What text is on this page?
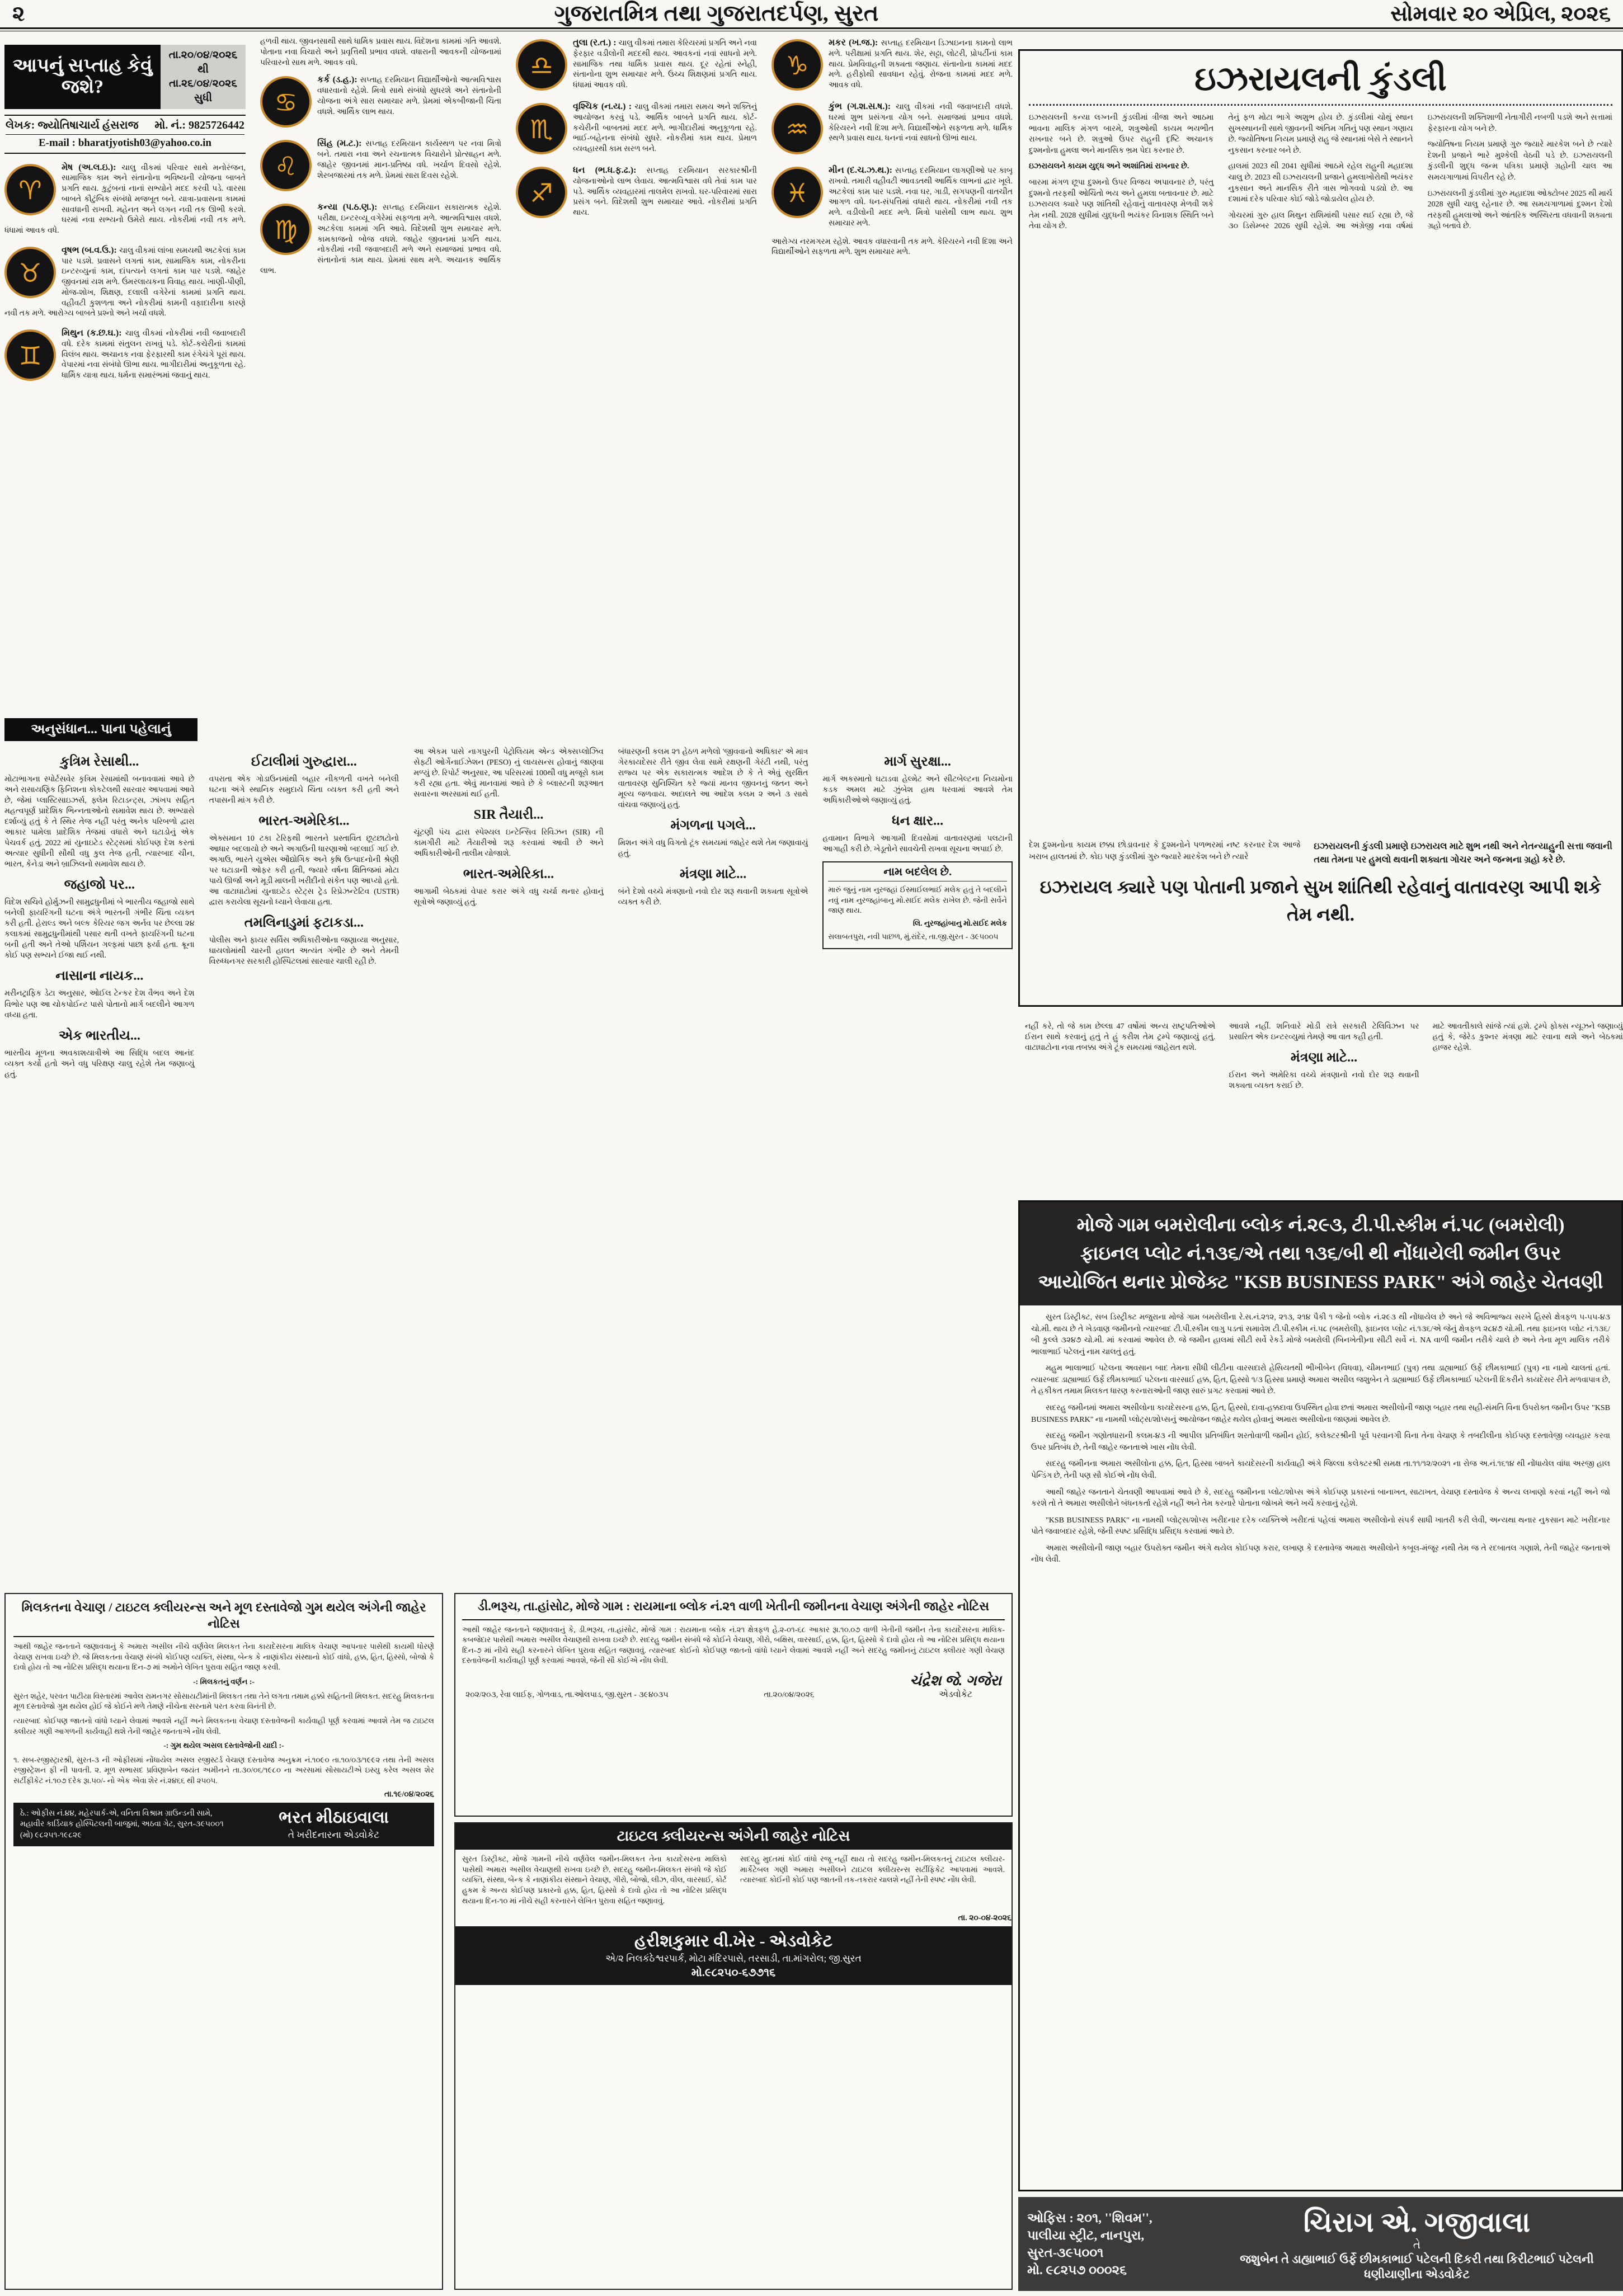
૨	ગુજરાતમિત્ર તથા ગુજરાતદર્પણ, સુરત	સોમવાર ૨૦ એપ્રિલ, ૨૦૨૬
આપનું સપ્તાહ કેવું જશે?
તા.૨૦/૦૪/૨૦૨૬ થી તા.૨૬/૦૪/૨૦૨૬ સુધી
લેખક: જ્યોતિષાચાર્ય હંસરાજ મો. નં.: 9825726442
E-mail : bharatjyotish03@yahoo.co.in
♈

મેષ (અ.લ.ઇ.): ચાલુ વીકમાં પરિવાર સાથે મનોરંજન, સામાજિક કામ અને સંતાનોના ભવિષ્યની યોજના બાબતે પ્રગતિ થાય. કુટુંબનાં નાનાં સભ્યોને મદદ કરવી પડે. વારસા બાબતે કૌટુંબિક સંબંધો મજબૂત બને. યાત્રા-પ્રવાસના કામમાં સાવધાની રાખવી. મહેનત અને લગન નવી તક ઊભી કરશે. ઘરમાં નવા સભ્યનો ઉમેરો થાય. નોકરીમાં નવી તક મળે. ધંધામાં આવક વધે.

♉

વૃષભ (બ.વ.ઉ.): ચાલુ વીકમાં લાંબા સમયથી અટકેલાં કામ પાર પડશે. પ્રવાસને લગતાં કામ, સામાજિક કામ, નોકરીના ઇન્ટરવ્યુનાં કામ, દાંપત્યને લગતાં કામ પાર પડશે. જાહેર જીવનમાં યશ મળે. ઉંમરલાયકના વિવાહ થાય. ખાણી-પીણી, મોજ-શોખ, શિક્ષણ, દલાલી વગેરેનાં કામમાં પ્રગતિ થાય. વહીવટી કુશળતા અને નોકરીમાં કામની વફાદારીના કારણે નવી તક મળે. આરોગ્ય બાબતે પ્રશ્નો અને ખર્ચા વધશે.

♊

મિથુન (ક.છ.ઘ.): ચાલુ વીકમાં નોકરીમાં નવી જવાબદારી વધે. દરેક કામમાં સંતુલન રાખવું પડે. કોર્ટ-કચેરીનાં કામમાં વિલંબ થાય. અચાનક નવા ફેરફારથી કામ રંગેચંગે પૂરાં થાય. વેપારમાં નવા સંબંધો ઊભા થાય. ભાગીદારીમાં અનુકૂળતા રહે. ધાર્મિક યાત્રા થાય. ધર્મના સમારંભમાં જવાનું થાય.

હળવી થાય. જીવનસાથી સાથે ધાર્મિક પ્રવાસ થાય. વિદેશના કામમાં ગતિ આવશે. પોતાના નવા વિચારો અને પ્રવૃત્તિથી પ્રભાવ વધશે. વધારાની આવકની યોજનામાં પરિવારનો સાથ મળે. આવક વધે.

♋

કર્ક (ડ.હ.): સપ્તાહ દરમિયાન વિદ્યાર્થીઓનો આત્મવિશ્વાસ વધારવાનો રહેશે. મિત્રો સાથે સંબંધો સુધરશે અને સંતાનોની યોજના અંગે સારા સમાચાર મળે. પ્રેમમાં એકબીજાની ચિંતા વધશે. આર્થિક લાભ થાય.

♌

સિંહ (મ.ટ.): સપ્તાહ દરમિયાન કાર્યસ્થળ પર નવા મિત્રો બને. તમારા નવા અને રચનાત્મક વિચારોને પ્રોત્સાહન મળે. જાહેર જીવનમાં માન-પ્રતિષ્ઠા વધે. ખર્ચાળ દિવસો રહેશે. શેરબજારમાં તક મળે. પ્રેમમાં સારા દિવસ રહેશે.

♍

કન્યા (પ.ઠ.ણ.): સપ્તાહ દરમિયાન સકારાત્મક રહેશે. પરીક્ષા, ઇન્ટરવ્યૂ વગેરેમાં સફળતા મળે. આત્મવિશ્વાસ વધશે. અટકેલા કામમાં ગતિ આવે. વિદેશથી શુભ સમાચાર મળે. કામકાજનો બોજ વધશે. જાહેર જીવનમાં પ્રગતિ થાય. નોકરીમાં નવી જવાબદારી મળે અને સમાજમાં પ્રભાવ વધે. સંતાનોનાં કામ થાય. પ્રેમમાં સાથ મળે. અચાનક આર્થિક લાભ.

♎

તુલા (ર.ત.) : ચાલુ વીકમાં તમારા કેરિયરમાં પ્રગતિ અને નવા ફેરફાર વડીલોની મદદથી થાય. આવકનાં નવાં સાધનો મળે. સામાજિક તથા ધાર્મિક પ્રવાસ થાય. દૂર રહેતાં સ્નેહી, સંતાનોના શુભ સમાચાર મળે. ઉચ્ચ શિક્ષણમાં પ્રગતિ થાય. ધંધામાં આવક વધે.

♏

વૃશ્ચિક (ન.ય.) : ચાલુ વીકમાં તમારા સમય અને શક્તિનું આયોજન કરવું પડે. આર્થિક બાબતે પ્રગતિ થાય. કોર્ટ-કચેરીની બાબતમાં મદદ મળે. ભાગીદારીમાં અનુકૂળતા રહે. ભાઈ-બહેનના સંબંધો સુધરે. નોકરીમાં કામ થાય. પ્રેમાળ વ્યવહારથી કામ સરળ બને.

♐

ધન (ભ.ધ.ફ.ઢ.): સપ્તાહ દરમિયાન સરકારશ્રીની યોજનાઓનો લાભ લેવાય. આત્મવિશ્વાસ વધે તેવાં કામ પાર પડે. આર્થિક વ્યવહારમાં તાલમેલ રાખવો. ઘર-પરિવારમાં સારા પ્રસંગ બને. વિદેશથી શુભ સમાચાર આવે. નોકરીમાં પ્રગતિ થાય.

♑

મકર (ખ.જ.): સપ્તાહ દરમિયાન ડિઝાઇનના કામનો લાભ મળે. પરીક્ષામાં પ્રગતિ થાય. શેર, સટ્ટા, લોટરી, પ્રોપર્ટીનાં કામ થાય. પ્રેમવિવાહની શક્યતા જણાય. સંતાનોના કામમાં મદદ મળે. હરીફોથી સાવધાન રહેવું. રોજના કામમાં મદદ મળે. આવક વધે.

♒

કુંભ (ગ.શ.સ.ષ.): ચાલુ વીકમાં નવી જવાબદારી વધશે. ઘરમાં શુભ પ્રસંગના યોગ બને. સમાજમાં પ્રભાવ વધશે. કેરિયરને નવી દિશા મળે. વિદ્યાર્થીઓને સફળતા મળે. ધાર્મિક સ્થળે પ્રવાસ થાય. ધનનાં નવાં સાધનો ઊભાં થાય.

♓

મીન (દ.ચ.ઝ.થ.): સપ્તાહ દરમિયાન લાગણીઓ પર કાબૂ રાખવો. તમારી વહીવટી આવડતથી આર્થિક લાભનાં દ્વાર ખૂલે. અટકેલાં કામ પાર પડશે. નવા ઘર, ગાડી, સગપણની વાતચીત આગળ વધે. ધન-સંપત્તિમાં વધારો થાય. નોકરીમાં નવી તક મળે. વડીલોની મદદ મળે. મિત્રો પાસેથી લાભ થાય. શુભ સમાચાર મળે.

આરોગ્ય નરમગરમ રહેશે. આવક વધારવાની તક મળે. કેરિયરને નવી દિશા અને વિદ્યાર્થીઓને સફળતા મળે. શુભ સમાચાર મળે.

અનુસંધાન... પાના પહેલાનું
કુત્રિમ રેસાથી...

મોટાભાગના સ્પોર્ટસવેર કૃત્રિમ રેસામાંથી બનાવવામાં આવે છે અને રાસાયણિક ફિનિશના કોકટેલથી સારવાર આપવામાં આવે છે, જેમાં પ્લાસ્ટિસાઇઝર્સ, ફ્લેમ રિટાડન્ટ્સ, ઝાંખપ સહિત મહત્વપૂર્ણ પ્રાદેશિક ભિન્નતાઓનો સમાવેશ થાય છે. અભ્યાસે દર્શાવ્યું હતું કે તે સ્થિર તેજ નહીં પરંતુ અનેક પરિબળો દ્વારા આકાર પામેલા પ્રાદેશિક તેજમાં વધારો અને ઘટાડોનું એક પેચવર્ક હતું. 2022 માં યુનાઇટેડ સ્ટેટ્સમાં કોઈપણ દેશ કરતાં અત્યાર સુધીની સૌથી વધુ કુલ તેજ હતી, ત્યારબાદ ચીન, ભારત, કેનેડા અને બ્રાઝિલનો સમાવેશ થાય છે.

જહાજો પર...

વિદેશ સચિવે હોર્મુઝની સામુદ્રધુનીમાં બે ભારતીય જહાજો સાથે બનેલી ફાયરિંગની ઘટના અંગે ભારતની ગંભીર ચિંતા વ્યક્ત કરી હતી. હેરાલ્ડ અને બલ્ક કેરિયર જગ અર્નવ પર છેલ્લા ૨૪ કલાકમાં સામુદ્રધુનીમાંથી પસાર થતી વખતે ફાયરિંગની ઘટના બની હતી અને તેઓ પર્શિયન ગલ્ફમાં પાછા ફર્યા હતા. ક્રૂના કોઈ પણ સભ્યને ઈજા થઈ નથી.

નાસાના નાયક...

મરીનટ્રાફિક ડેટા અનુસાર, ઓઈલ ટેન્કર દેશ વૈભવ અને દેશ વિભોર પણ આ ચોકપોઈન્ટ પાસે પોતાનો માર્ગ બદલીને આગળ વધ્યા હતા.

એક ભારતીય...

ભારતીય મૂળના અવકાશયાત્રીએ આ સિદ્ધિ બદલ આનંદ વ્યક્ત કર્યો હતો અને વધુ પરિક્ષણ ચાલુ રહેશે તેમ જણાવ્યું હતું.

ઈટાલીમાં ગુરુદ્વારા...

વપરાતા એક ગોડાઉનમાંથી બહાર નીકળતી વખતે બનેલી ઘટના અંગે સ્થાનિક સમુદાયે ચિંતા વ્યક્ત કરી હતી અને તપાસની માંગ કરી છે.

ભારત-અમેરિકા...

એક્સમાન 10 ટકા ટેરિફથી ભારતને પ્રસ્તાવિત છૂટછાટોનો આધાર બદલાયો છે અને અગાઉની ધારણાઓ બદલાઈ ગઈ છે. અગાઉ, ભારતે યુએસ ઔદ્યોગિક અને કૃષિ ઉત્પાદનોની શ્રેણી પર ઘટાડાની ઓફર કરી હતી, જ્યારે વર્ષના ક્ષિતિજમાં મોટા પાયે ઊર્જા અને મૂડી માલની ખરીદીનો સંકેત પણ આપ્યો હતો. આ વાટાઘાટોમાં યુનાઇટેડ સ્ટેટ્સ ટ્રેડ રિપ્રેઝન્ટેટિવ (USTR) દ્વારા કરાયેલા સૂચનો ધ્યાને લેવાયા હતા.

તમલિનાડુમાં ફટાકડા...

પોલીસ અને ફાયર સર્વિસ અધિકારીઓના જણાવ્યા અનુસાર, ઘાયલોમાંથી ચારની હાલત અત્યંત ગંભીર છે અને તેમની વિરુધ્ધનગર સરકારી હોસ્પિટલમાં સારવાર ચાલી રહી છે.

આ એકમ પાસે નાગપુરની પેટ્રોલિયમ એન્ડ એક્સપ્લોઝિવ સેફ્ટી ઓર્ગેનાઈઝેશન (PESO) નું લાયસન્સ હોવાનું જાણવા મળ્યું છે. રિપોર્ટ અનુસાર, આ પરિસરમાં 100થી વધુ મજૂરો કામ કરી રહ્યા હતા. એવું માનવામાં આવે છે કે બ્લાસ્ટની શરૂઆત સવારના અરસામાં થઈ હતી.

SIR તૈયારી...

ચૂંટણી પંચ દ્વારા સ્પેશ્યલ ઇન્ટેન્સિવ રિવિઝન (SIR) ની કામગીરી માટે તૈયારીઓ શરૂ કરવામાં આવી છે અને અધિકારીઓની તાલીમ યોજાશે.

ભારત-અમેરિકા...

આગામી બેઠકમાં વેપાર કરાર અંગે વધુ ચર્ચા થનાર હોવાનું સૂત્રોએ જણાવ્યું હતું.

બંધારણની કલમ ૨૧ હેઠળ મળેલો 'જીવવાનો અધિકાર' એ માત્ર ગેરકાયદેસર રીતે જીવ લેવા સામે રક્ષણની ગેરંટી નથી, પરંતુ રાજ્ય પર એક સકારાત્મક આદેશ છે કે તે એવું સુરક્ષિત વાતાવરણ સુનિશ્ચિત કરે જ્યાં માનવ જીવનનું જતન અને મૂલ્ય જળવાય. અદાલતે આ આદેશ કલમ ૨ અને ૩ સાથે વાંચવા જણાવ્યું હતું.

મંગળના પગલે...

મિશન અંગે વધુ વિગતો ટૂંક સમયમાં જાહેર થશે તેમ જણાવાયું હતું.

મંત્રણા માટે...

બંને દેશો વચ્ચે મંત્રણાનો નવો દોર શરૂ થવાની શક્યતા સૂત્રોએ વ્યક્ત કરી છે.

માર્ગ સુરક્ષા...

માર્ગ અકસ્માતો ઘટાડવા હેલ્મેટ અને સીટબેલ્ટના નિયમોના કડક અમલ માટે ઝુંબેશ હાથ ધરવામાં આવશે તેમ અધિકારીઓએ જણાવ્યું હતું.

ધન ક્ષાર...

હવામાન વિભાગે આગામી દિવસોમાં વાતાવરણમાં પલટાની આગાહી કરી છે. ખેડૂતોને સાવચેતી રાખવા સૂચના અપાઈ છે.

નામ બદલેલ છે.

મારું જુનું નામ નુરજહાં ઈસ્માઈલભાઈ મલેક હતું તે બદલીને નવું નામ નુરજહાંબાનુ મો.સઈદ મલેક રાખેલ છે. જેની સર્વેને જાણ થાય.

લિ. નુરજહાંબાનુ મો.સઈદ મલેક

સલાબતપુરા, નવી પાછળ, મું.રાંદેર, તા.જી.સુરત - ૩૯૫૦૦૫

ઇઝરાયલની કુંડલી

ઇઝરાયલની કન્યા લગ્નની કુંડલીમાં ત્રીજા અને આઠમા ભાવના માલિક મંગળ બારમે, શત્રુઓથી કાયમ ભયભીત રાખનાર બને છે. શત્રુઓ ઉપર રાહુની દૃષ્ટિ અચાનક દુશ્મનોના હુમલા અને માનસિક ભ્રમ પેદા કરનાર છે.

ઇઝરાયલને કાયમ યુદ્ધ અને અશાંતિમાં રાખનાર છે.

બારમા મંગળ છૂપા દુશ્મનો ઉપર વિજય અપાવનાર છે, પરંતુ દુશ્મનો તરફથી ઓચિંતો ભય અને હુમલા બતાવનાર છે. માટે ઇઝરાયલ ક્યારે પણ શાંતિથી રહેવાનું વાતાવરણ મેળવી શકે તેમ નથી. 2028 સુધીમાં યુદ્ધની ભયંકર વિનાશક સ્થિતિ બને તેવા યોગ છે.

તેનું ફળ મોટા ભાગે અશુભ હોય છે. કુંડલીમાં ચોથું સ્થાન સુખસ્થાનની સાથે જીવનની અંતિમ ગતિનું પણ સ્થાન ગણાય છે. જ્યોતિષના નિયમ પ્રમાણે રાહુ જે સ્થાનમાં બેસે તે સ્થાનને નુકસાન કરનાર બને છે.

હાલમાં 2023 થી 2041 સુધીમાં આઠમે રહેલ રાહુની મહાદશા ચાલુ છે. 2023 થી ઇઝરાયલની પ્રજાને હુમલાખોરોથી ભયંકર નુકસાન અને માનસિક રીતે ત્રાસ ભોગવવો પડ્યો છે. આ દશામાં દરેક પરિવાર કોઈ જોડે જોડાયેલ હોય છે.

ગોચરમાં ગુરુ હાલ મિથુન રાશિમાંથી પસાર થઈ રહ્યા છે, જે ૩૦ ડિસેમ્બર 2026 સુધી રહેશે. આ અંગ્રેજી નવા વર્ષમાં ઇઝરાયલની શક્તિશાળી નેતાગીરી નબળી પડશે અને સત્તામાં ફેરફારના યોગ બને છે.

જ્યોતિષના નિયમ પ્રમાણે ગુરુ જ્યારે મારકેશ બને છે ત્યારે દેશની પ્રજાને ભારે મુશ્કેલી વેઠવી પડે છે. ઇઝરાયલની કુંડલીની શુદ્ધ જન્મ પત્રિકા પ્રમાણે ગ્રહોની ચાલ આ સમયગાળામાં વિપરીત રહે છે.

ઇઝરાયલની કુંડલીમાં ગુરુ મહાદશા ઓક્ટોબર 2025 થી માર્ચ 2028 સુધી ચાલુ રહેનાર છે. આ સમયગાળામાં દુશ્મન દેશો તરફથી હુમલાઓ અને આંતરિક અસ્થિરતા વધવાની શક્યતા ગ્રહો બતાવે છે.

દેશ દુશ્મનોના કાયમ છક્કા છોડાવનાર કે દુશ્મનોને પળભરમાં નષ્ટ કરનાર દેશ આજે ખરાબ હાલતમાં છે. કોઇ પણ કુંડલીમાં ગુરુ જ્યારે મારકેશ બને છે ત્યારે
ઇઝરાયલની કુંડલી પ્રમાણે ઇઝરાયલ માટે શુભ નથી અને નેતન્યાહુની સત્તા જવાની તથા તેમના પર હુમલો થવાની શક્યતા ગોચર અને જન્મના ગ્રહો કરે છે.
ઇઝરાયલ ક્યારે પણ પોતાની પ્રજાને સુખ શાંતિથી રહેવાનું વાતાવરણ આપી શકે તેમ નથી.

નહીં કરે, તો જે કામ છેલ્લા 47 વર્ષોમાં અન્ય રાષ્ટ્રપતિઓએ ઈરાન સાથે કરવાનું હતું તે હું કરીશ તેમ ટ્રમ્પે જણાવ્યું હતું. વાટાઘાટોના નવા તબક્કા અંગે ટૂંક સમયમાં જાહેરાત થશે.

આવશે નહીં. શનિવારે મોડી રાત્રે સરકારી ટેલિવિઝન પર પ્રસારિત એક ઇન્ટરવ્યુમાં તેમણે આ વાત કહી હતી.

મંત્રણા માટે...

ઈરાન અને અમેરિકા વચ્ચે મંત્રણાનો નવો દોર શરૂ થવાની શક્યતા વ્યક્ત કરાઈ છે.

માટે આવતીકાલે સાંજે ત્યાં હશે. ટ્રમ્પે ફોક્સ ન્યૂઝને જણાવ્યું હતું કે, જેરેડ કુશ્નર મંત્રણા માટે રવાના થશે અને બેઠકમાં હાજર રહેશે.

મોજે ગામ બમરોલીના બ્લોક નં.૨૯૩, ટી.પી.સ્કીમ નં.૫૮ (બમરોલી)
ફાઇનલ પ્લોટ નં.૧૩૬/એ તથા ૧૩૬/બી થી નોંધાયેલી જમીન ઉપર
આયોજિત થનાર પ્રોજેક્ટ "KSB BUSINESS PARK" અંગે જાહેર ચેતવણી

સુરત ડિસ્ટ્રીક્ટ, સબ ડિસ્ટ્રીક્ટ મજુરાના મોજે ગામ બમરોલીના રે.સ.નં.૨૧૨, ૨૧૩, ૨૧૪ પૈકી ૧ જેનો બ્લોક નં.૨૯૩ થી નોંધાયેલ છે અને જે અવિભાજ્ય સરખે હિસ્સે ક્ષેત્રફળ ૫-૫૫-૪૩ ચો.મી. થાય છે તે ખેડવાણ જમીનનો ત્યારબાદ ટી.પી.સ્કીમ લાગુ પડતાં સમાવેશ ટી.પી.સ્કીમ નં.૫૮ (બમરોલી), ફાઇનલ પ્લોટ નં.૧૩૬/એ જેનું ક્ષેત્રફળ ૨૮૪૭ ચો.મી. તથા ફાઇનલ પ્લોટ નં.૧૩૬/બી કુલ્લે ૩૨૪૭ ચો.મી. માં કરવામાં આવેલ છે. જે જમીન હાલમાં સીટી સર્વે રેકર્ડે મોજે બમરોલી (બિનખેતી)ના સીટી સર્વે નં. NA વાળી જમીન તરીકે ચાલે છે અને તેના મૂળ માલિક તરીકે ભાલાભાઈ પટેલનું નામ ચાલતું હતું.

મહુમ ભાલાભાઈ પટેલના અવસાન બાદ તેમના સીધી લીટીના વારસદારો હેસિયતથી ભીખીબેન (વિધવા), ચીમનભાઈ (પુત્ર) તથા ડાહ્યાભાઈ ઉર્ફે છીમકાભાઈ (પુત્ર) ના નામો ચાલતાં હતાં. ત્યારબાદ ડાહ્યાભાઈ ઉર્ફે છીમકાભાઈ પટેલના વારસાઈ હક્ક, હિત, હિસ્સો ૧/૩ હિસ્સા પ્રમાણે અમારા અસીલ જશુબેન તે ડાહ્યાભાઈ ઉર્ફે છીમકાભાઈ પટેલની દિકરીને કાયદેસર રીતે મળવાપાત્ર છે, તે હકીકત તમામ મિલકત ધારણ કરનારાઓની જાણ સારું પ્રગટ કરવામાં આવે છે.

સદરહુ જમીનમાં અમારા અસીલોના કાયદેસરના હક્ક, હિત, હિસ્સો, દાવા-હક્કદાવા ઉપસ્થિત હોવા છતાં અમારા અસીલોની જાણ બહાર તથા સહી-સંમતિ વિના ઉપરોક્ત જમીન ઉપર "KSB BUSINESS PARK" ના નામથી પ્લોટ્સ/શોપ્સનું આયોજન જાહેર થયેલ હોવાનું અમારા અસીલોના જાણમાં આવેલ છે.

સદરહુ જમીન ગણોતધારાની કલમ-૪૩ ની આપીલ પ્રતિબંધિત શરતોવાળી જમીન હોઈ, કલેક્ટરશ્રીની પૂર્વ પરવાનગી વિના તેના વેચાણ કે તબદીલીના કોઈપણ દસ્તાવેજી વ્યવહાર કરવા ઉપર પ્રતિબંધ છે, તેની જાહેર જનતાએ ખાસ નોંધ લેવી.

સદરહુ જમીનના અમારા અસીલોના હક્ક, હિત, હિસ્સા બાબતે કાયદેસરની કાર્યવાહી અંગે જિલ્લા કલેક્ટરશ્રી સમક્ષ તા.૧૧/૧૨/૨૦૨૧ ના રોજ અ.નં.૧૬૧૪ થી નોંધાયેલ વાંધા અરજી હાલ પેન્ડિંગ છે, તેની પણ સૌ કોઈએ નોંધ લેવી.

આથી જાહેર જનતાને ચેતવણી આપવામાં આવે છે કે, સદરહુ જમીનના પ્લોટ/શોપ્સ અંગે કોઈપણ પ્રકારનાં બાનાખત, સાટાખત, વેચાણ દસ્તાવેજ કે અન્ય લખાણો કરવાં નહીં અને જો કરશે તો તે અમારા અસીલોને બંધનકર્તા રહેશે નહીં અને તેમ કરનારે પોતાના જોખમે અને ખર્ચે કરવાનું રહેશે.

"KSB BUSINESS PARK" ના નામથી પ્લોટ્સ/શોપ્સ ખરીદનાર દરેક વ્યક્તિએ ખરીદતાં પહેલાં અમારા અસીલોનો સંપર્ક સાધી ખાતરી કરી લેવી, અન્યથા થનાર નુકસાન માટે ખરીદનાર પોતે જવાબદાર રહેશે, જેની સ્પષ્ટ પ્રસિદ્ધિ પ્રસિદ્ધ કરવામાં આવે છે.

અમારા અસીલોની જાણ બહાર ઉપરોક્ત જમીન અંગે થયેલ કોઈપણ કરાર, લખાણ કે દસ્તાવેજ અમારા અસીલોને કબૂલ-મંજૂર નથી તેમ જ તે રદબાતલ ગણાશે, તેની જાહેર જનતાએ નોંધ લેવી.

ઓફિસ : ૨૦૧, ''શિવમ'',
પાલીયા સ્ટ્રીટ, નાનપુરા,
સુરત-૩૯૫૦૦૧
મો. ૯૮૨૫૭ ૦૦૦૨૬
ચિરાગ એ. ગજીવાલા
તે
જશુબેન તે ડાહ્યાભાઈ ઉર્ફે છીમકાભાઈ પટેલની દિકરી તથા કિરીટભાઈ પટેલની ધણીયાણીના એડવોકેટ
મિલકતના વેચાણ / ટાઇટલ ક્લીયરન્સ અને મૂળ દસ્તાવેજો ગુમ થયેલ અંગેની જાહેર નોટિસ

આથી જાહેર જનતાને જણાવવાનું કે અમારા અસીલ નીચે વર્ણવેલ મિલકત તેના કાયદેસરના માલિક વેચાણ આપનાર પાસેથી કાયમી ધોરણે વેચાણ રાખવા ઇચ્છે છે. જે મિલકતના વેચાણ સંબંધે કોઈપણ વ્યક્તિ, સંસ્થા, બેન્ક કે નાણાંકીય સંસ્થાનો કોઈ વાંધો, હક્ક, હિત, હિસ્સો, બોજો કે દાવો હોય તો આ નોટિસ પ્રસિદ્ધ થયાના દિન-૭ માં અમોને લેખિત પુરાવા સહિત જાણ કરવી.

-: મિલકતનું વર્ણન :-

સુરત શહેર, પરવત પાટીયા વિસ્તારમાં આવેલ રામનગર સોસાયટીમાંની મિલકત તથા તેને લગતા તમામ હક્કો સહિતની મિલકત. સદરહુ મિલકતના મૂળ દસ્તાવેજો ગુમ થયેલ હોઈ જે કોઈને મળે તેમણે નીચેના સરનામે પરત કરવા વિનંતી છે.

ત્યારબાદ કોઈપણ જાતનો વાંધો ધ્યાને લેવામાં આવશે નહીં અને મિલકતના વેચાણ દસ્તાવેજની કાર્યવાહી પૂર્ણ કરવામાં આવશે તેમ જ ટાઇટલ ક્લીયર ગણી આગળની કાર્યવાહી થશે તેની જાહેર જનતાએ નોંધ લેવી.

-: ગુમ થયેલ અસલ દસ્તાવેજોની યાદી :-

૧. સબ-રજીસ્ટ્રારશ્રી, સુરત-૩ ની ઓફીસમાં નોંધાયેલ અસલ રજીસ્ટર્ડ વેચાણ દસ્તાવેજ અનુક્રમ નં.૧૦૯૦ તા.૧૦/૦૩/૧૯૯૨ તથા તેની અસલ રજીસ્ટ્રેશન ફી ની પાવતી. ૨. મૂળ સભાસદ પ્રવિણાબેન જયંત અમીનને તા.૩૦/૦૬/૧૯૮૦ ના અરસામાં સોસાયટીએ ઇસ્યુ કરેલ અસલ શેર સર્ટીફીકેટ નં.૧૦૭ દરેક રૂા.૫૦/- નો એક એવા શેર નં.૨૪૬૬ થી ૨૫૦૫.

તા.૧૯/૦૪/૨૦૨૬
ઠે.: ઓફીસ નં.૪૪, મહેરપાર્ક-એ, વનિતા વિશ્રામ ગ્રાઉન્ડની સામે, મહાવીર કાર્ડિયાક હોસ્પિટલની બાજુમાં, અઠવા ગેટ, સુરત-૩૯૫૦૦૧ (મો) ૯૮૨૫૧-૧૯૮૨૯
ભરત મીઠાઇવાલા
તે ખરીદનારના એડવોકેટ
ડી.ભરૂચ, તા.હાંસોટ, મોજે ગામ : રાયમાના બ્લોક નં.૨૧ વાળી ખેતીની જમીનના વેચાણ અંગેની જાહેર નોટિસ

આથી જાહેર જનતાને જણાવવાનું કે, ડી.ભરૂચ, તા.હાંસોટ, મોજે ગામ : રાયમાના બ્લોક નં.૨૧ ક્ષેત્રફળ હે.૨-૦૧-૬૮ આકાર રૂા.૧૦.૦૭ વાળી ખેતીની જમીન તેના કાયદેસરના માલિક-કબજેદાર પાસેથી અમારા અસીલ વેચાણથી રાખવા ઇચ્છે છે. સદરહુ જમીન સંબંધે જે કોઈને વેચાણ, ગીરો, બક્ષિસ, વારસાઈ, હક્ક, હિત, હિસ્સો કે દાવો હોય તો આ નોટિસ પ્રસિદ્ધ થયાના દિન-૭ માં નીચે સહી કરનારને લેખિત પુરાવા સહિત જણાવવું. ત્યારબાદ કોઈનો કોઈપણ જાતનો વાંધો ધ્યાને લેવામાં આવશે નહીં અને સદરહુ જમીનનું ટાઇટલ ક્લીયર ગણી વેચાણ દસ્તાવેજની કાર્યવાહી પૂર્ણ કરવામાં આવશે, જેની સૌ કોઈએ નોંધ લેવી.

૨૦૨/૨૦૩, રેવા લાઈફ, ગોળવાડ, તા.ઓલપાડ, જી.સુરત - ૩૯૪૦૩૫	તા.૨૦/૦૪/૨૦૨૬
ચંદ્રેશ જે. ગજેરા
એડવોકેટ
ટાઇટલ ક્લીયરન્સ અંગેની જાહેર નોટિસ

સુરત ડિસ્ટ્રીક્ટ, મોજે ગામની નીચે વર્ણવેલ જમીન-મિલકત તેના કાયદેસરના માલિકો પાસેથી અમારા અસીલ વેચાણથી રાખવા ઇચ્છે છે. સદરહુ જમીન-મિલકત સંબંધે જે કોઈ વ્યક્તિ, સંસ્થા, બેન્ક કે નાણાંકીય સંસ્થાને વેચાણ, ગીરો, બોજો, લીઝ, વીલ, વારસાઈ, કોર્ટ હુકમ કે અન્ય કોઈપણ પ્રકારનો હક્ક, હિત, હિસ્સો કે દાવો હોય તો આ નોટિસ પ્રસિદ્ધ થયાના દિન-૧૦ માં નીચે સહી કરનારને લેખિત પુરાવા સહિત જણાવવું.

સદરહુ મુદતમાં કોઈ વાંધો રજૂ નહીં થાય તો સદરહુ જમીન-મિલકતનું ટાઇટલ ક્લીયર-માર્કેટેબલ ગણી અમારા અસીલને ટાઇટલ ક્લીયરન્સ સર્ટીફિકેટ આપવામાં આવશે. ત્યારબાદ કોઈની કોઈ પણ જાતની તક-તકરાર ચાલશે નહીં તેની સ્પષ્ટ નોંધ લેવી.

તા. ૨૦-૦૪-૨૦૨૬
હરીશકુમાર વી.ખેર - એડવોકેટ
એ/૨ નિલકંઠેશ્વરપાર્ક, મોટા મંદિરપાસે, તરસાડી, તા.માંગરોલ; જી.સુરત
મો.૯૮૨૫૦-૬૭૭૧૬
